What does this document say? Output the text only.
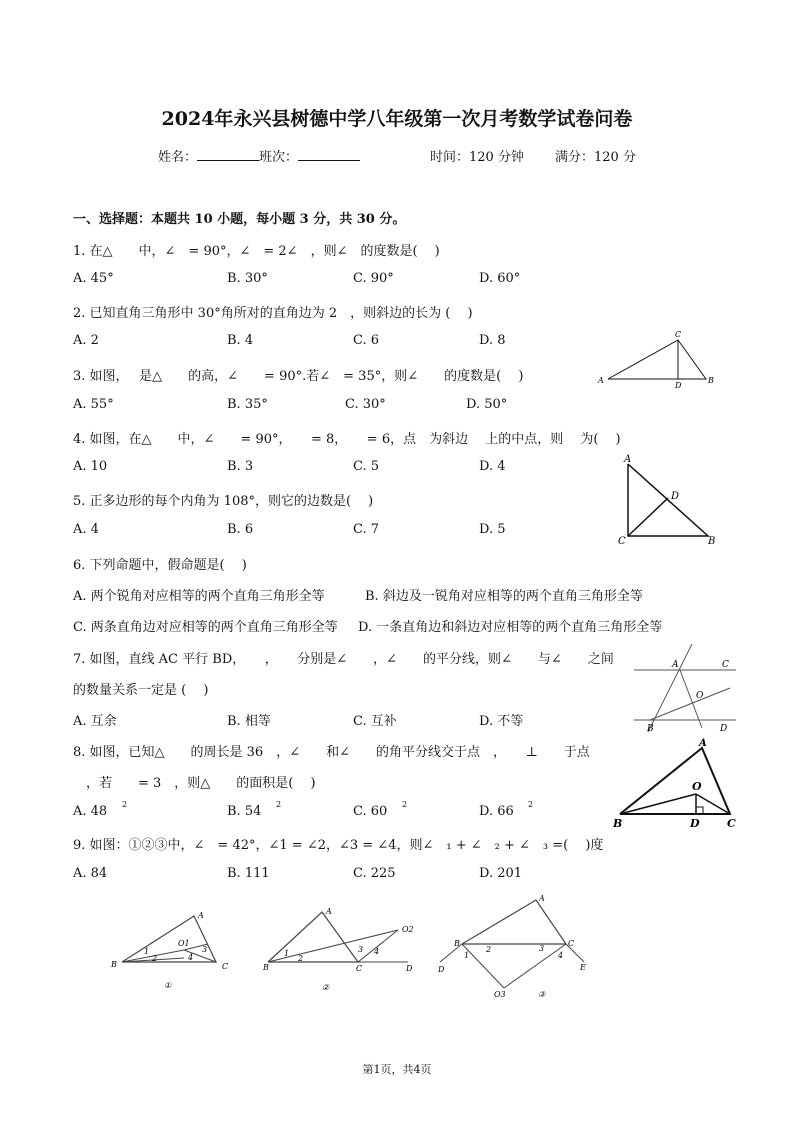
2024年永兴县树德中学八年级第一次月考数学试卷问卷
姓名：	班次：	时间：120 分钟 满分：120 分
一、选择题：本题共 10 小题，每小题 3 分，共 30 分。
1. 在△　　中，∠　= 90°，∠　= 2∠　，则∠　的度数是(　 )
A. 45°	B. 30°	C. 90°	D. 60°
2. 已知直角三角形中 30°角所对的直角边为 2　，则斜边的长为 (　 )
A. 2	B. 4	C. 6	D. 8
3. 如图，　 是△　　的高，∠　　= 90°.若∠　= 35°，则∠　　的度数是(　 )
A. 55°	B. 35°	C. 30°	D. 50°
C
A
D
B
4. 如图，在△　　中，∠　　= 90°，　　= 8，　　= 6，点　为斜边　 上的中点，则　 为(　 )
A. 10	B. 3	C. 5	D. 4	A
D
C	B
5. 正多边形的每个内角为 108°，则它的边数是(　 )
A. 4	B. 6	C. 7	D. 5
6. 下列命题中，假命题是(　 )
A. 两个锐角对应相等的两个直角三角形全等	B. 斜边及一锐角对应相等的两个直角三角形全等
C. 两条直角边对应相等的两个直角三角形全等 D. 一条直角边和斜边对应相等的两个直角三角形全等
7. 如图，直线 AC 平行 BD，　　，　　分别是∠　　，∠　　的平分线，则∠　　与∠　　之间
的数量关系一定是 (　 )
A. 互余	B. 相等	C. 互补	D. 不等
A	C
O
B	D
8. 如图，已知△　　的周长是 36　，∠　　和∠　　的角平分线交于点　，　　⊥　　于点
　，若　　= 3　，则△　　的面积是(　 )
A. 48 2	B. 54 2	C. 60 2	D. 66 2
A
O
B	D C
9. 如图：①②③中，∠　= 42°，∠1 = ∠2，∠3 = ∠4，则∠　₁ + ∠　₂ + ∠　₃ =(　 )度
A. 84	B. 111	C. 225	D. 201
A
O1
1
2	4
3
B	C
①
A
O2
1
2
3 4
B	C	D
②
A
B	C
1
2	3
4
D	E
O3	③
第1页，共4页
